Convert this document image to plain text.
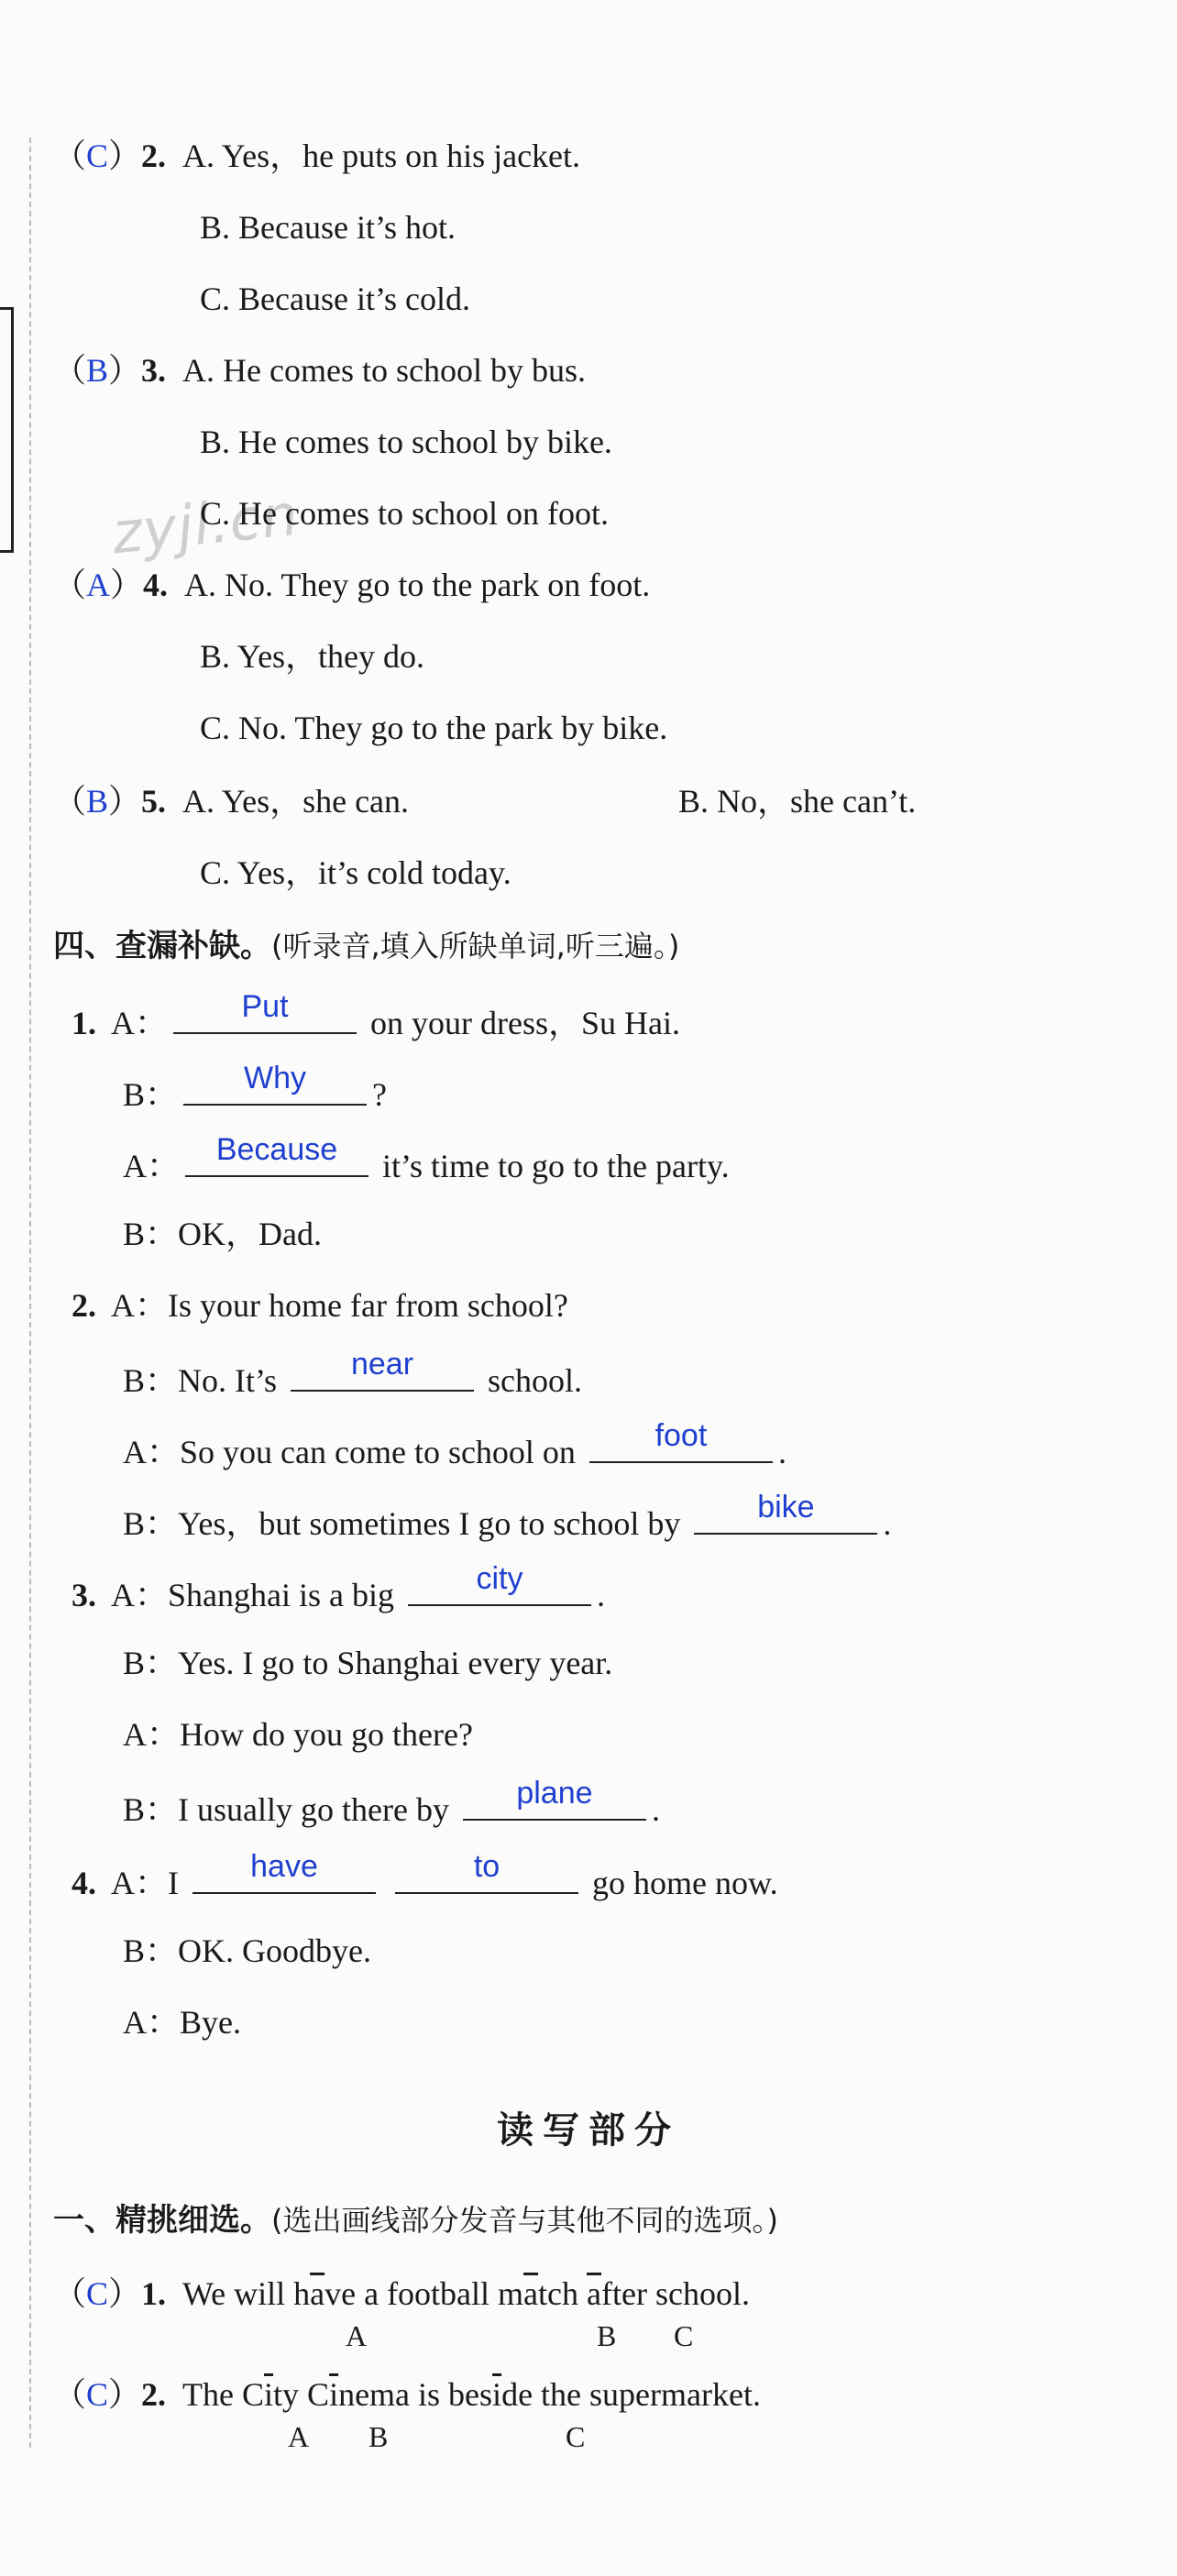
zyjl.cn
（C）2. A. Yes，he puts on his jacket.
B. Because it’s hot.
C. Because it’s cold.
（B）3. A. He comes to school by bus.
B. He comes to school by bike.
C. He comes to school on foot.
（A）4. A. No. They go to the park on foot.
B. Yes，they do.
C. No. They go to the park by bike.
（B）5. A. Yes，she can.	B. No，she can’t.
C. Yes，it’s cold today.
四、查漏补缺。(听录音,填入所缺单词,听三遍。)
1. A：	Put	on your dress，Su Hai.
B：	Why	?
A：	Because	it’s time to go to the party.
B：OK，Dad.
2. A：Is your home far from school?
B：No. It’s	near	school.
A：So you can come to school on	foot	.
B：Yes，but sometimes I go to school by	bike	.
3. A：Shanghai is a big	city	.
B：Yes. I go to Shanghai every year.
A：How do you go there?
B：I usually go there by	plane	.
4. A：I	have
	to	go home now.
B：OK. Goodbye.
A：Bye.
读写部分
一、精挑细选。(选出画线部分发音与其他不同的选项。)
（C）1. We will $h\overline{a}ve$ a football $m\overline{a}tch$ $\overline{a}fter$ school.
A	B C
（C）2. The $C\overline{i}ty$ $C\overline{i}nema$ is $bes\overline{i}de$ the supermarket.
A B	C
